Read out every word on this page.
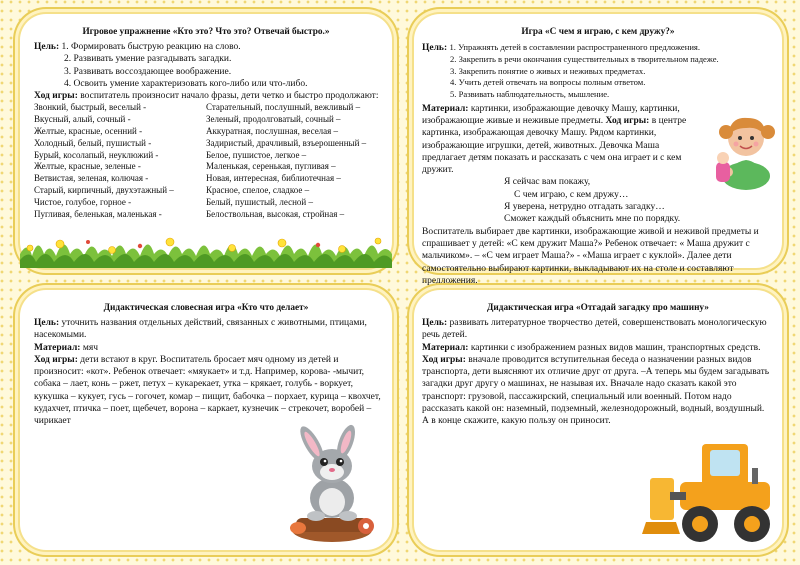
Игровое упражнение «Кто это? Что это? Отвечай быстро.»
Цель: 1. Формировать быструю реакцию на слово.
2. Развивать умение разгадывать загадки.
3. Развивать воссоздающее воображение.
4. Освоить умение характеризовать кого-либо или что-либо.
Ход игры: воспитатель произносит начало фразы, дети четко и быстро продолжают:
Звонкий, быстрый, веселый -	Старательный, послушный, вежливый –
Вкусный, алый, сочный -	Зеленый, продолговатый, сочный –
Желтые, красные, осенний -	Аккуратная, послушная, веселая –
Холодный, белый, пушистый -	Задиристый, драчливый, взъерошенный –
Бурый, косолапый, неуклюжий -	Белое, пушистое, легкое –
Желтые, красные, зеленые -	Маленькая, серенькая, пугливая –
Ветвистая, зеленая, колючая -	Новая, интересная, библиотечная –
Старый, кирпичный, двухэтажный –	Красное, спелое, сладкое –
Чистое, голубое, горное -	Белый, пушистый, лесной –
Пугливая, беленькая, маленькая -	Белоствольная, высокая, стройная –
Игра «С чем я играю, с кем дружу?»
Цель: 1. Упражнять детей в составлении распространенного предложения.
2. Закрепить в речи окончания существительных в творительном падеже.
3. Закрепить понятие о живых и неживых предметах.
4. Учить детей отвечать на вопросы полным ответом.
5. Развивать наблюдательность, мышление.
Материал: картинки, изображающие девочку Машу, картинки, изображающие живые и неживые предметы. Ход игры: в центре картинка, изображающая девочку Машу. Рядом картинки, изображающие игрушки, детей, животных. Девочка Маша предлагает детям показать и рассказать с чем она играет и с кем дружит.
Я сейчас вам покажу,
С чем играю, с кем дружу…
Я уверена, нетрудно отгадать загадку…
Сможет каждый объяснить мне по порядку.
Воспитатель выбирает две картинки, изображающие живой и неживой предметы и спрашивает у детей: «С кем дружит Маша?» Ребенок отвечает: « Маша дружит с мальчиком». – «С чем играет Маша?» - «Маша играет с куклой». Далее дети самостоятельно выбирают картинки, выкладывают их на столе и составляют предложения.
Дидактическая словесная игра «Кто что делает»
Цель: уточнить названия отдельных действий, связанных с животными, птицами, насекомыми.
Материал: мяч
Ход игры: дети встают в круг. Воспитатель бросает мяч одному из детей и произносит: «кот». Ребенок отвечает: «мяукает» и т.д. Например, корова- -мычит, собака – лает, конь – ржет, петух – кукарекает, утка – крякает, голубь - воркует, кукушка – кукует, гусь – гогочет, комар – пищит, бабочка – порхает, курица – квохчет, кудахчет, птичка – поет, щебечет, ворона – каркает, кузнечик – стрекочет, воробей – чирикает
Дидактическая игра «Отгадай загадку про машину»
Цель: развивать литературное творчество детей, совершенствовать монологическую речь детей.
Материал: картинки с изображением разных видов машин, транспортных средств.
Ход игры: вначале проводится вступительная беседа о назначении разных видов транспорта, дети выясняют их отличие друг от друга. –А теперь мы будем загадывать загадки друг другу о машинах, не называя их. Вначале надо сказать какой это транспорт: грузовой, пассажирский, специальный или военный. Потом надо рассказать какой он: наземный, подземный, железнодорожный, водный, воздушный. А в конце скажите, какую пользу он приносит.
